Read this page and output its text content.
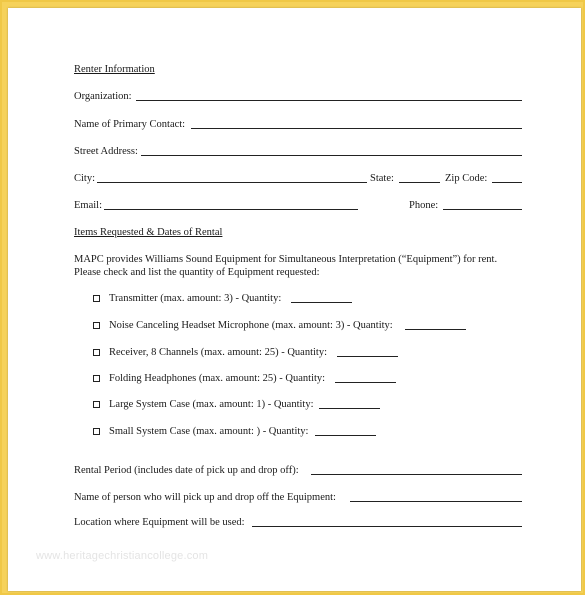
Renter Information
Organization:
Name of Primary Contact:
Street Address:
City:	State:	Zip Code:
Email:	Phone:
Items Requested & Dates of Rental
MAPC provides Williams Sound Equipment for Simultaneous Interpretation (“Equipment”) for rent.
Please check and list the quantity of Equipment requested:
Transmitter (max. amount: 3) - Quantity:
Noise Canceling Headset Microphone (max. amount: 3) - Quantity:
Receiver, 8 Channels (max. amount: 25) - Quantity:
Folding Headphones (max. amount: 25) - Quantity:
Large System Case (max. amount: 1) - Quantity:
Small System Case (max. amount: ) - Quantity:
Rental Period (includes date of pick up and drop off):
Name of person who will pick up and drop off the Equipment:
Location where Equipment will be used:
www.heritagechristiancollege.com
